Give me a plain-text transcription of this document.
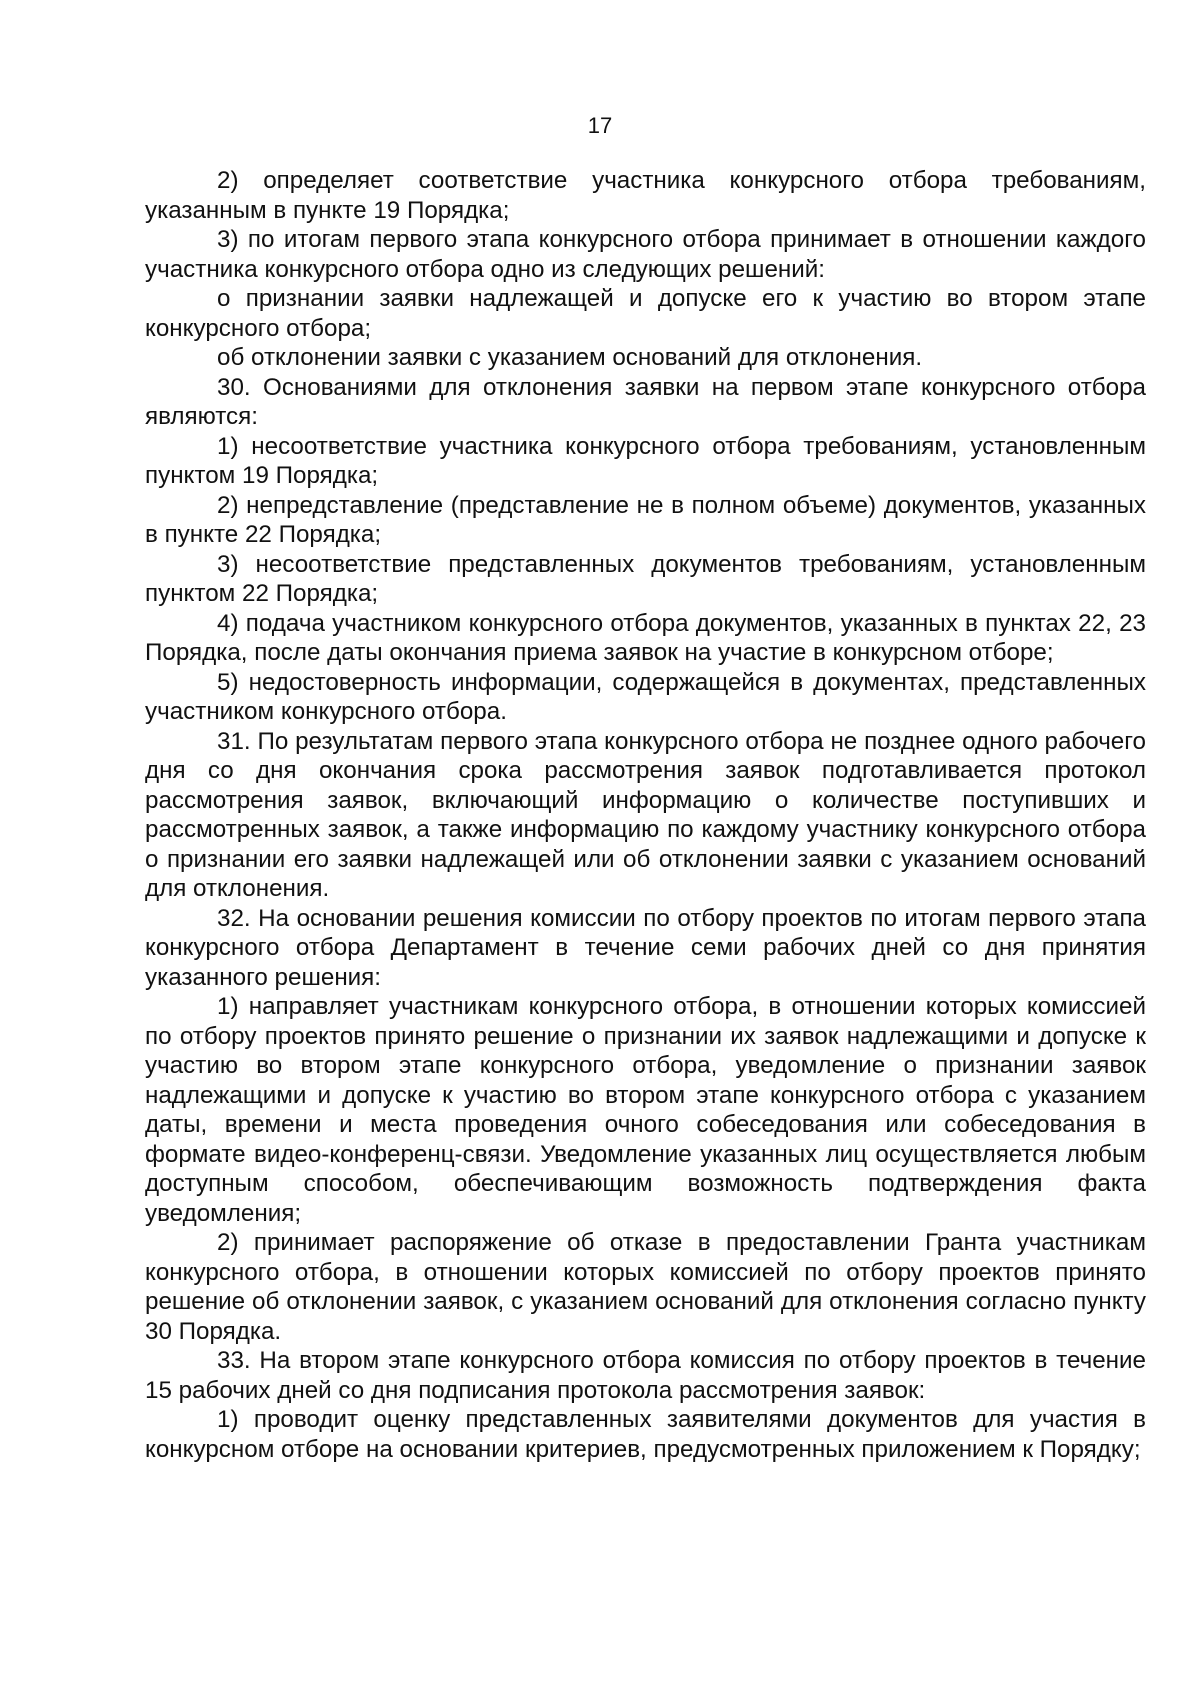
17

2) определяет соответствие участника конкурсного отбора требованиям, указанным в пункте 19 Порядка;

3) по итогам первого этапа конкурсного отбора принимает в отношении каждого участника конкурсного отбора одно из следующих решений:

о признании заявки надлежащей и допуске его к участию во втором этапе конкурсного отбора;

об отклонении заявки с указанием оснований для отклонения.

30. Основаниями для отклонения заявки на первом этапе конкурсного отбора являются:

1) несоответствие участника конкурсного отбора требованиям, установленным пунктом 19 Порядка;

2) непредставление (представление не в полном объеме) документов, указанных в пункте 22 Порядка;

3) несоответствие представленных документов требованиям, установленным пунктом 22 Порядка;

4) подача участником конкурсного отбора документов, указанных в пунктах 22, 23 Порядка, после даты окончания приема заявок на участие в конкурсном отборе;

5) недостоверность информации, содержащейся в документах, представленных участником конкурсного отбора.

31. По результатам первого этапа конкурсного отбора не позднее одного рабочего дня со дня окончания срока рассмотрения заявок подготавливается протокол рассмотрения заявок, включающий информацию о количестве поступивших и рассмотренных заявок, а также информацию по каждому участнику конкурсного отбора о признании его заявки надлежащей или об отклонении заявки с указанием оснований для отклонения.

32. На основании решения комиссии по отбору проектов по итогам первого этапа конкурсного отбора Департамент в течение семи рабочих дней со дня принятия указанного решения:

1) направляет участникам конкурсного отбора, в отношении которых комиссией по отбору проектов принято решение о признании их заявок надлежащими и допуске к участию во втором этапе конкурсного отбора, уведомление о признании заявок надлежащими и допуске к участию во втором этапе конкурсного отбора с указанием даты, времени и места проведения очного собеседования или собеседования в формате видео-конференц-связи. Уведомление указанных лиц осуществляется любым доступным способом, обеспечивающим возможность подтверждения факта уведомления;

2) принимает распоряжение об отказе в предоставлении Гранта участникам конкурсного отбора, в отношении которых комиссией по отбору проектов принято решение об отклонении заявок, с указанием оснований для отклонения согласно пункту 30 Порядка.

33. На втором этапе конкурсного отбора комиссия по отбору проектов в течение 15 рабочих дней со дня подписания протокола рассмотрения заявок:

1) проводит оценку представленных заявителями документов для участия в конкурсном отборе на основании критериев, предусмотренных приложением к Порядку;
